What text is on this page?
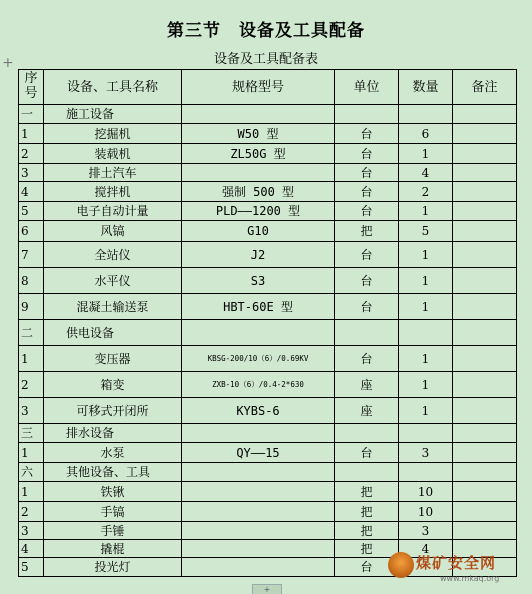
第三节　设备及工具配备
+	设备及工具配备表
序号	设备、工具名称	规格型号	单位	数量	备注
一	施工设备				
1	挖掘机	W50 型	台	6	
2	装载机	ZL50G 型	台	1	
3	排土汽车		台	4	
4	搅拌机	强制 500 型	台	2	
5	电子自动计量	PLD——1200 型	台	1	
6	风镐	G10	把	5	
7	全站仪	J2	台	1	
8	水平仪	S3	台	1	
9	混凝土输送泵	HBT-60E 型	台	1	
二	供电设备				
1	变压器	KBSG-200/10（6）/0.69KV	台	1	
2	箱变	ZXB-10（6）/0.4-2*630	座	1	
3	可移式开闭所	KYBS-6	座	1	
三	排水设备				
1	水泵	QY——15	台	3	
六	其他设备、工具				
1	铁锹		把	10	
2	手镐		把	10	
3	手锤		把	3	
4	撬棍		把	4	
5	投光灯		台			煤矿安全网
www.mkaq.org
+
